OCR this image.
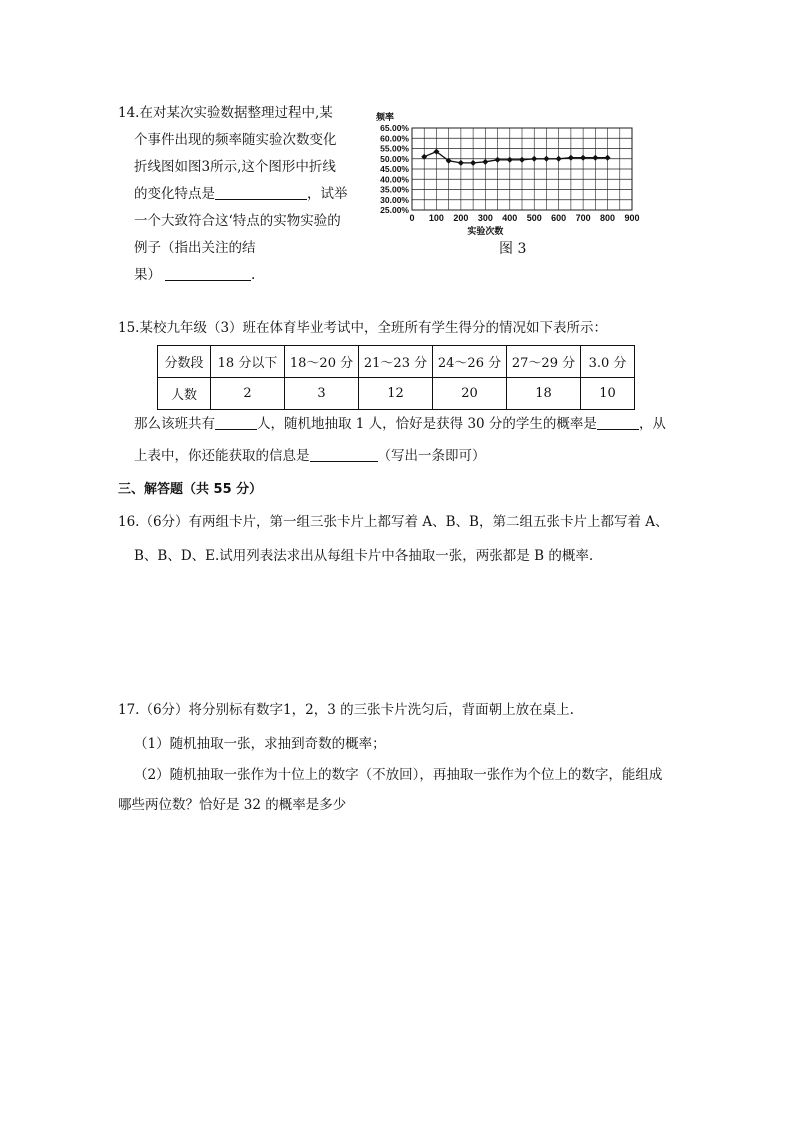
14.在对某次实验数据整理过程中,某
个事件出现的频率随实验次数变化
折线图如图3所示,这个图形中折线
的变化特点是	，试举
一个大致符合这‘特点的实物实验的
例子（指出关注的结
果）	.
65.00%
60.00%
55.00%
50.00%
45.00%
40.00%
35.00%
30.00%
25.00%
0 100 200 300 400 500 600 700 800 900
频率
实验次数
图 3
15.某校九年级（3）班在体育毕业考试中，全班所有学生得分的情况如下表所示：
分数段	18 分以下	18～20 分	21～23 分	24～26 分	27～29 分	3.0 分
人数	2	3	12	20	18	10
那么该班共有	人，随机地抽取 1 人，恰好是获得 30 分的学生的概率是	，从
上表中，你还能获取的信息是	（写出一条即可）
三、解答题（共 55 分）
16.（6分）有两组卡片，第一组三张卡片上都写着 A、B、B，第二组五张卡片上都写着 A、
B、B、D、E.试用列表法求出从每组卡片中各抽取一张，两张都是 B 的概率.
17.（6分）将分别标有数字1，2，3 的三张卡片洗匀后，背面朝上放在桌上.
（1）随机抽取一张，求抽到奇数的概率；
（2）随机抽取一张作为十位上的数字（不放回），再抽取一张作为个位上的数字，能组成
哪些两位数？恰好是 32 的概率是多少
